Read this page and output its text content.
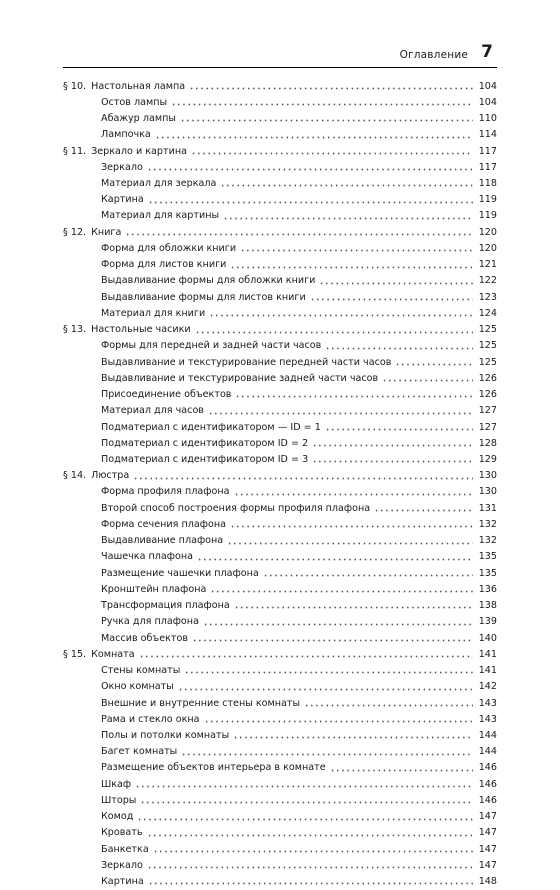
Оглавление 7
§ 10. Настольная лампа	104
Остов лампы	104
Абажур лампы	110
Лампочка	114
§ 11. Зеркало и картина	117
Зеркало	117
Материал для зеркала	118
Картина	119
Материал для картины	119
§ 12. Книга	120
Форма для обложки книги	120
Форма для листов книги	121
Выдавливание формы для обложки книги	122
Выдавливание формы для листов книги	123
Материал для книги	124
§ 13. Настольные часики	125
Формы для передней и задней части часов	125
Выдавливание и текстурирование передней части часов	125
Выдавливание и текстурирование задней части часов	126
Присоединение объектов	126
Материал для часов	127
Подматериал с идентификатором — ID = 1	127
Подматериал с идентификатором ID = 2	128
Подматериал с идентификатором ID = 3	129
§ 14. Люстра	130
Форма профиля плафона	130
Второй способ построения формы профиля плафона	131
Форма сечения плафона	132
Выдавливание плафона	132
Чашечка плафона	135
Размещение чашечки плафона	135
Кронштейн плафона	136
Трансформация плафона	138
Ручка для плафона	139
Массив объектов	140
§ 15. Комната	141
Стены комнаты	141
Окно комнаты	142
Внешние и внутренние стены комнаты	143
Рама и стекло окна	143
Полы и потолки комнаты	144
Багет комнаты	144
Размещение объектов интерьера в комнате	146
Шкаф	146
Шторы	146
Комод	147
Кровать	147
Банкетка	147
Зеркало	147
Картина	148
